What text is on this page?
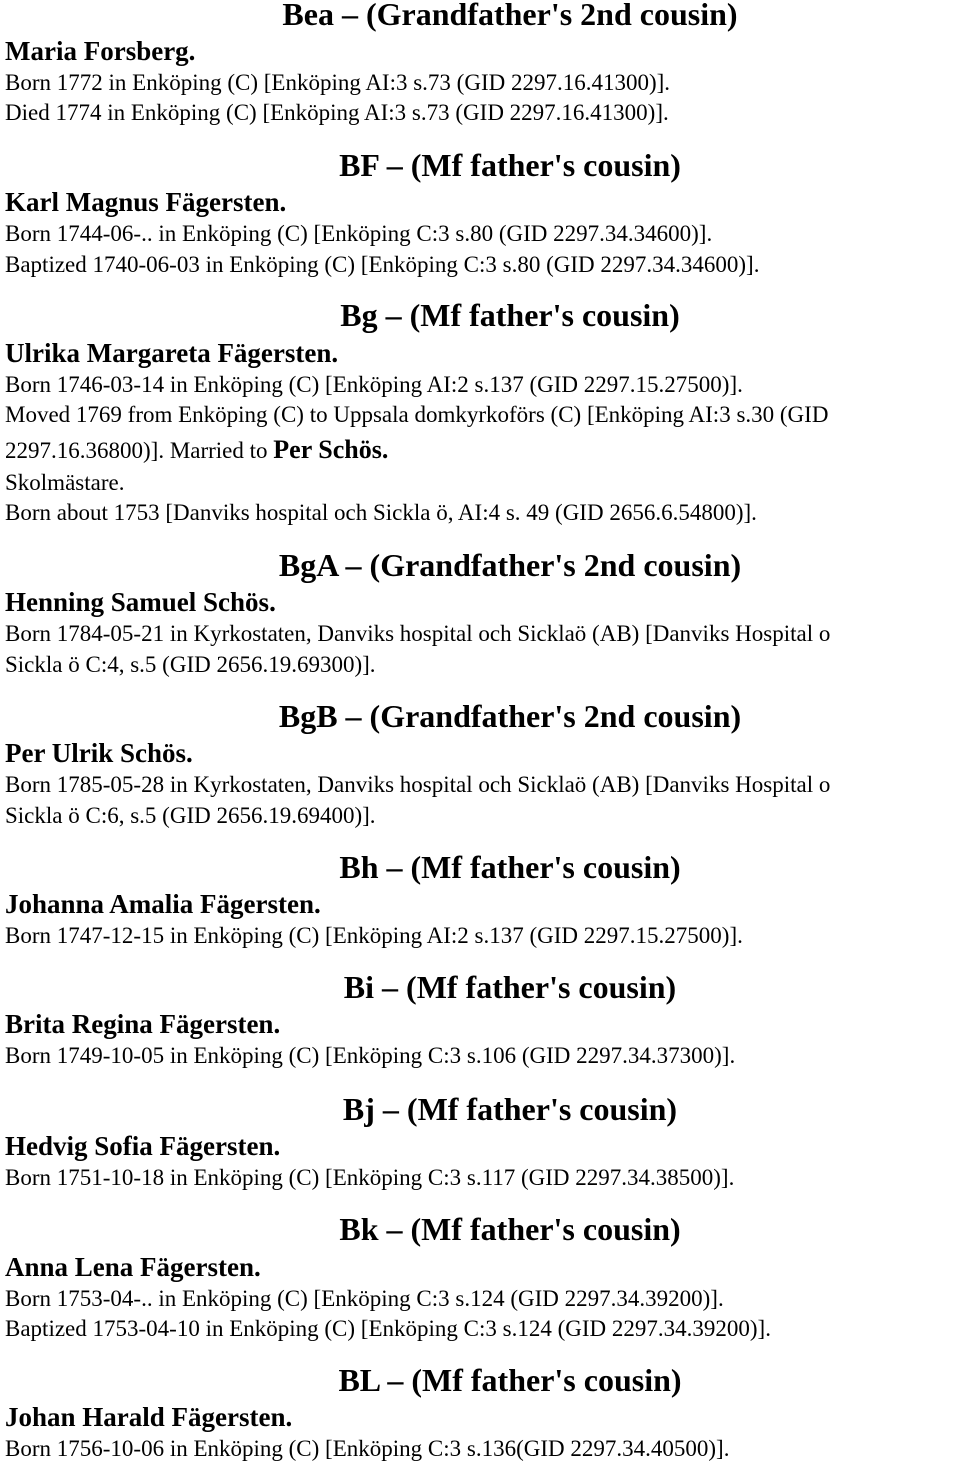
Bea – (Grandfather's 2nd cousin)
Maria Forsberg.
Born 1772 in Enköping (C) [Enköping AI:3 s.73 (GID 2297.16.41300)].
Died 1774 in Enköping (C) [Enköping AI:3 s.73 (GID 2297.16.41300)].
BF – (Mf father's cousin)
Karl Magnus Fägersten.
Born 1744-06-.. in Enköping (C) [Enköping C:3 s.80 (GID 2297.34.34600)].
Baptized 1740-06-03 in Enköping (C) [Enköping C:3 s.80 (GID 2297.34.34600)].
Bg – (Mf father's cousin)
Ulrika Margareta Fägersten.
Born 1746-03-14 in Enköping (C) [Enköping AI:2 s.137 (GID 2297.15.27500)].
Moved 1769 from Enköping (C) to Uppsala domkyrkoförs (C) [Enköping AI:3 s.30 (GID
2297.16.36800)]. Married to Per Schös.
Skolmästare.
Born about 1753 [Danviks hospital och Sickla ö, AI:4 s. 49 (GID 2656.6.54800)].
BgA – (Grandfather's 2nd cousin)
Henning Samuel Schös.
Born 1784-05-21 in Kyrkostaten, Danviks hospital och Sicklaö (AB) [Danviks Hospital o
Sickla ö C:4, s.5 (GID 2656.19.69300)].
BgB – (Grandfather's 2nd cousin)
Per Ulrik Schös.
Born 1785-05-28 in Kyrkostaten, Danviks hospital och Sicklaö (AB) [Danviks Hospital o
Sickla ö C:6, s.5 (GID 2656.19.69400)].
Bh – (Mf father's cousin)
Johanna Amalia Fägersten.
Born 1747-12-15 in Enköping (C) [Enköping AI:2 s.137 (GID 2297.15.27500)].
Bi – (Mf father's cousin)
Brita Regina Fägersten.
Born 1749-10-05 in Enköping (C) [Enköping C:3 s.106 (GID 2297.34.37300)].
Bj – (Mf father's cousin)
Hedvig Sofia Fägersten.
Born 1751-10-18 in Enköping (C) [Enköping C:3 s.117 (GID 2297.34.38500)].
Bk – (Mf father's cousin)
Anna Lena Fägersten.
Born 1753-04-.. in Enköping (C) [Enköping C:3 s.124 (GID 2297.34.39200)].
Baptized 1753-04-10 in Enköping (C) [Enköping C:3 s.124 (GID 2297.34.39200)].
BL – (Mf father's cousin)
Johan Harald Fägersten.
Born 1756-10-06 in Enköping (C) [Enköping C:3 s.136(GID 2297.34.40500)].
